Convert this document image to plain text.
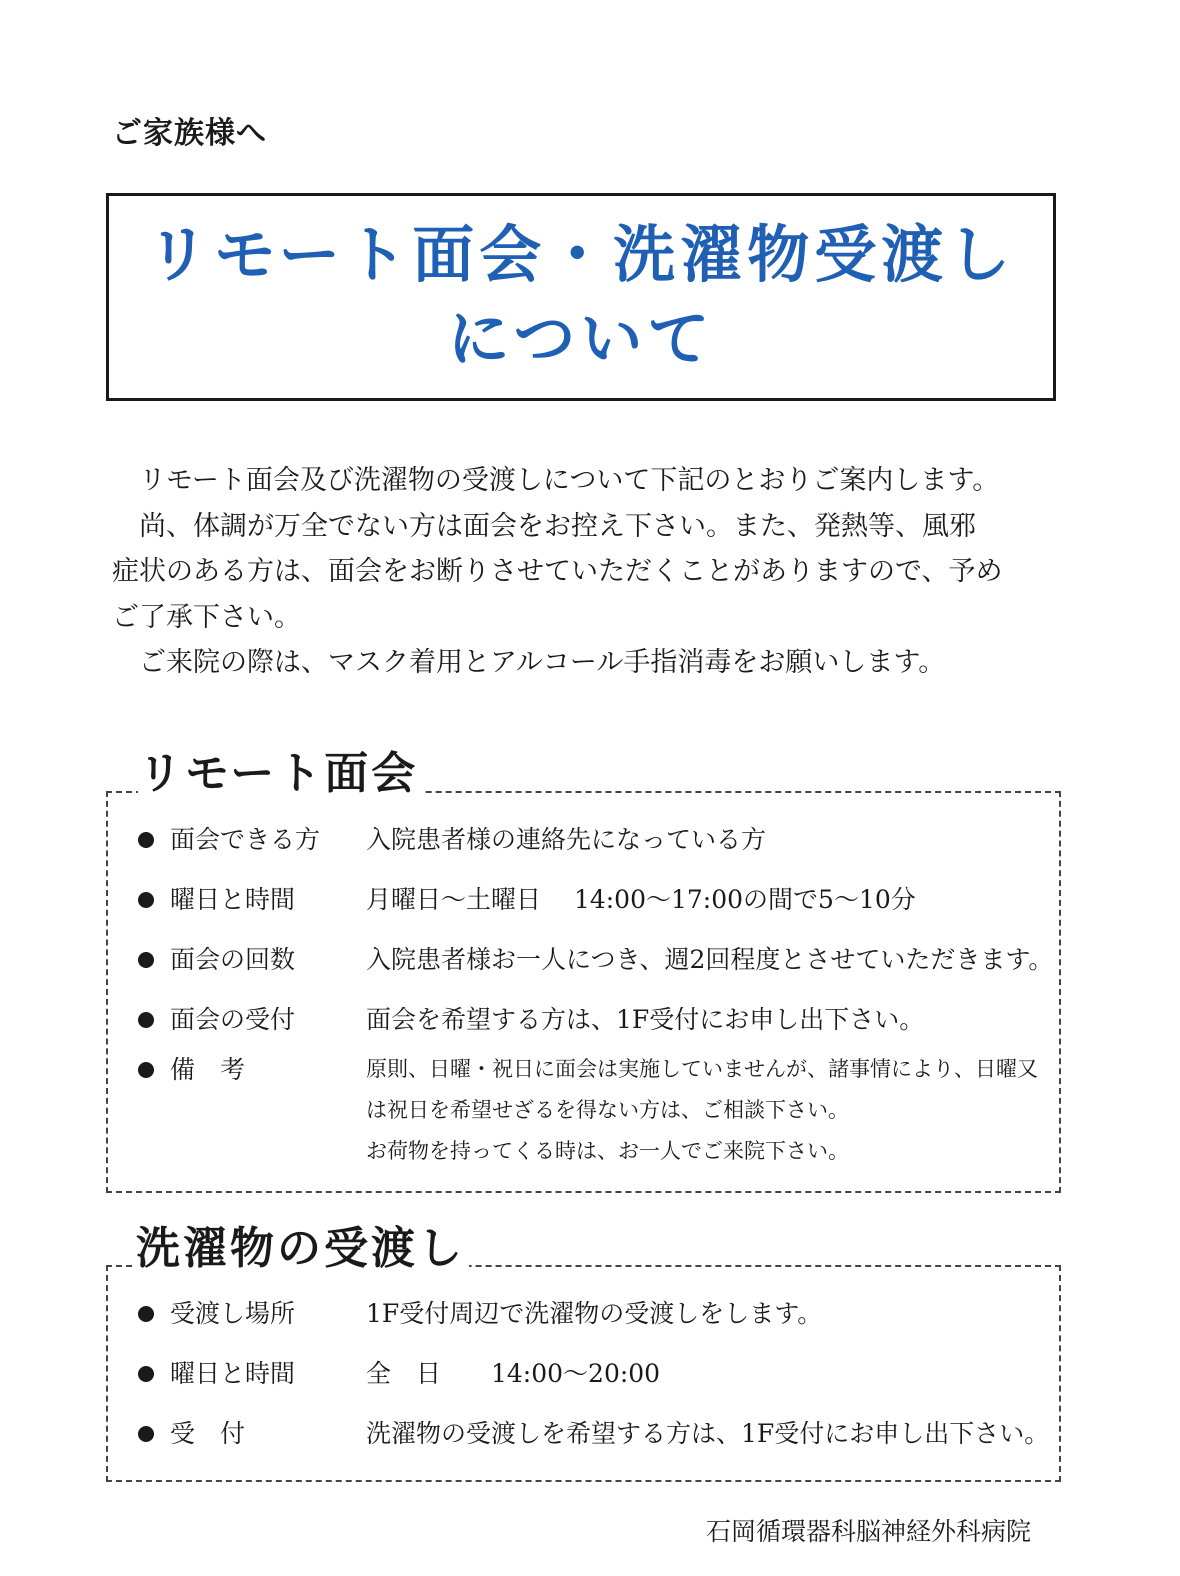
ご家族様へ
リモート面会・洗濯物受渡し
について

リモート面会及び洗濯物の受渡しについて下記のとおりご案内します。

尚、体調が万全でない方は面会をお控え下さい。また、発熱等、風邪

症状のある方は、面会をお断りさせていただくことがありますので、予め

ご了承下さい。

ご来院の際は、マスク着用とアルコール手指消毒をお願いします。

リモート面会
面会できる方 入院患者様の連絡先になっている方
曜日と時間	月曜日～土曜日　 14:00～17:00の間で5～10分
面会の回数	入院患者様お一人につき、週2回程度とさせていただきます。
面会の受付	面会を希望する方は、1F受付にお申し出下さい。
備　考	原則、日曜・祝日に面会は実施していませんが、諸事情により、日曜又
は祝日を希望せざるを得ない方は、ご相談下さい。
お荷物を持ってくる時は、お一人でご来院下さい。
洗濯物の受渡し
受渡し場所	1F受付周辺で洗濯物の受渡しをします。
曜日と時間	全　日　　14:00～20:00
受　付	洗濯物の受渡しを希望する方は、1F受付にお申し出下さい。
石岡循環器科脳神経外科病院
